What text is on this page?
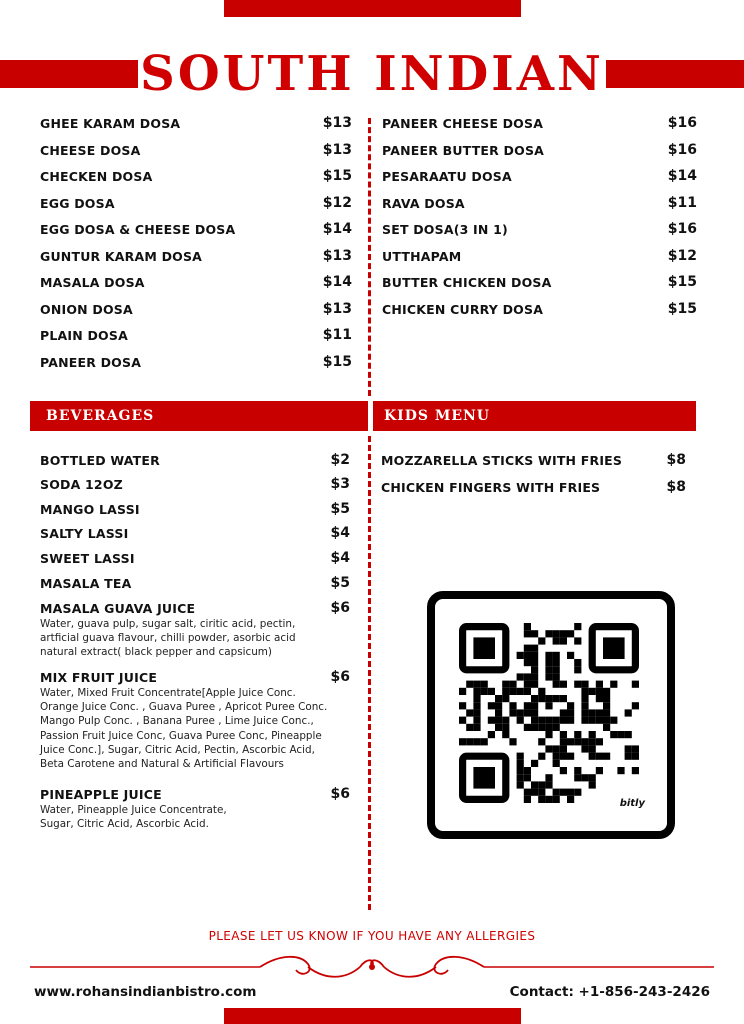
SOUTH INDIAN
GHEE KARAM DOSA	$13
CHEESE DOSA	$13
CHECKEN DOSA	$15
EGG DOSA	$12
EGG DOSA & CHEESE DOSA	$14
GUNTUR KARAM DOSA	$13
MASALA DOSA	$14
ONION DOSA	$13
PLAIN DOSA	$11
PANEER DOSA	$15
PANEER CHEESE DOSA	$16
PANEER BUTTER DOSA	$16
PESARAATU DOSA	$14
RAVA DOSA	$11
SET DOSA(3 IN 1)	$16
UTTHAPAM	$12
BUTTER CHICKEN DOSA	$15
CHICKEN CURRY DOSA	$15
BEVERAGES	KIDS MENU
BOTTLED WATER	$2
SODA 12OZ	$3
MANGO LASSI	$5
SALTY LASSI	$4
SWEET LASSI	$4
MASALA TEA	$5
MASALA GUAVA JUICE	$6
Water, guava pulp, sugar salt, ciritic acid, pectin,
artficial guava flavour, chilli powder, asorbic acid
natural extract( black pepper and capsicum)
MIX FRUIT JUICE	$6
Water, Mixed Fruit Concentrate[Apple Juice Conc.
Orange Juice Conc. , Guava Puree , Apricot Puree Conc.
Mango Pulp Conc. , Banana Puree , Lime Juice Conc.,
Passion Fruit Juice Conc, Guava Puree Conc, Pineapple
Juice Conc.], Sugar, Citric Acid, Pectin, Ascorbic Acid,
Beta Carotene and Natural & Artificial Flavours
PINEAPPLE JUICE	$6
Water, Pineapple Juice Concentrate,
Sugar, Citric Acid, Ascorbic Acid.
MOZZARELLA STICKS WITH FRIES	$8
CHICKEN FINGERS WITH FRIES	$8
bitly
PLEASE LET US KNOW IF YOU HAVE ANY ALLERGIES
www.rohansindianbistro.com	Contact: +1-856-243-2426
